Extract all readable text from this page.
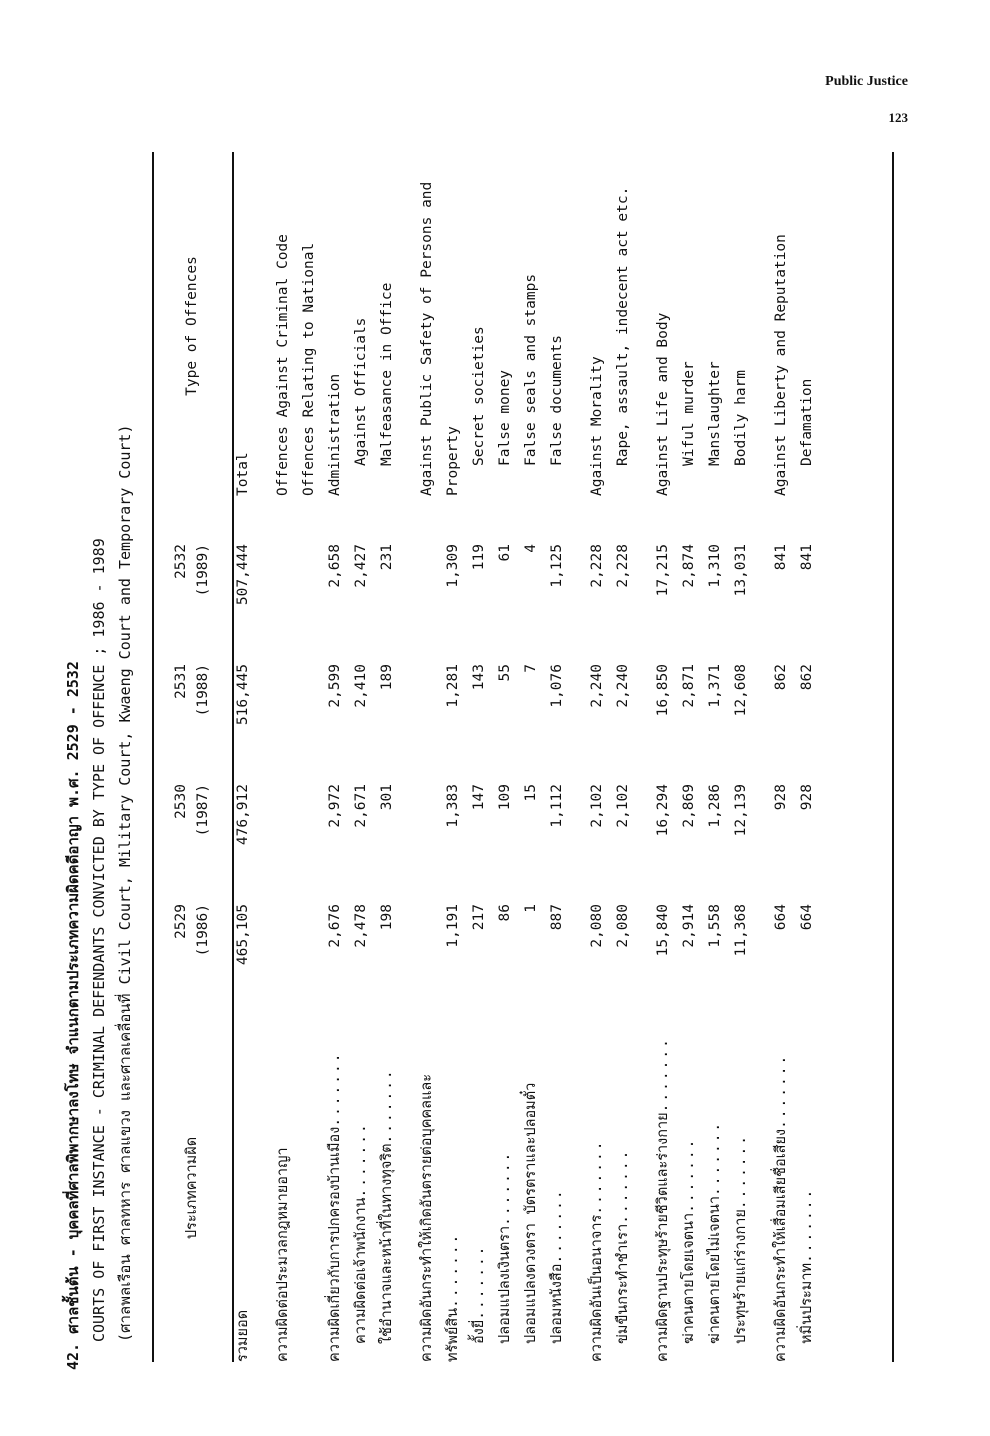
Public Justice
123
42. ศาลชั้นต้น - บุคคลที่ศาลพิพากษาลงโทษ จำแนกตามประเภทความผิดคดีอาญา พ.ศ. 2529 - 2532 COURTS OF FIRST INSTANCE - CRIMINAL DEFENDANTS CONVICTED BY TYPE OF OFFENCE ; 1986 - 1989 (ศาลพลเรือน ศาลทหาร ศาลแขวง และศาลเคลื่อนที่ Civil Court, Military Court, Kwaeng Court and Temporary Court)	ประเภทความผิด	2529 (1986)	2530 (1987)	2531 (1988)	2532 (1989)	Type of Offences
รวมยอด	465,105	476,912	516,445	507,444	Total

ความผิดต่อประมวลกฎหมายอาญา					Offences Against Criminal Code
					Offences Relating to National
ความผิดเกี่ยวกับการปกครองบ้านเมือง.......	2,676	2,972	2,599	2,658	Administration
ความผิดต่อเจ้าพนักงาน.......	2,478	2,671	2,410	2,427	Against Officials
ใช้อำนาจและหน้าที่ในทางทุจริต.......	198	301	189	231	Malfeasance in Office

ความผิดอันกระทำให้เกิดอันตรายต่อบุคคลและ					Against Public Safety of Persons and
ทรัพย์สิน.......	1,191	1,383	1,281	1,309	Property
อั้งยี่.......	217	147	143	119	Secret societies
ปลอมแปลงเงินตรา.......	86	109	55	61	False money
ปลอมแปลงดวงตรา บัตรตราและปลอมตั๋ว	1	15	7	4	False seals and stamps
ปลอมหนังสือ.......	887	1,112	1,076	1,125	False documents

ความผิดอันเป็นอนาจาร.......	2,080	2,102	2,240	2,228	Against Morality
ข่มขืนกระทำชำเรา.......	2,080	2,102	2,240	2,228	Rape, assault, indecent act etc.

ความผิดฐานประทุษร้ายชีวิตและร่างกาย.......	15,840	16,294	16,850	17,215	Against Life and Body
ฆ่าคนตายโดยเจตนา.......	2,914	2,869	2,871	2,874	Wiful murder
ฆ่าคนตายโดยไม่เจตนา.......	1,558	1,286	1,371	1,310	Manslaughter
ประทุษร้ายแก่ร่างกาย.......	11,368	12,139	12,608	13,031	Bodily harm

ความผิดอันกระทำให้เสื่อมเสียชื่อเสียง.......	664	928	862	841	Against Liberty and Reputation
หมิ่นประมาท.......	664	928	862	841	Defamation
